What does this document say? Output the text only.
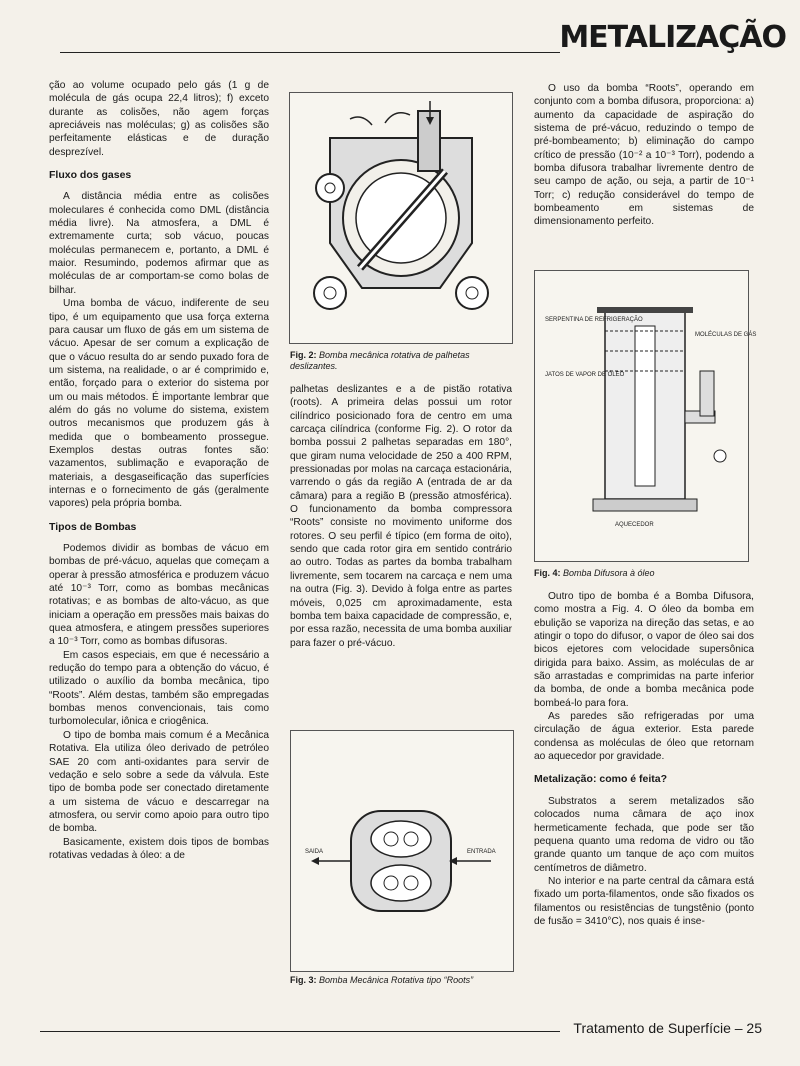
METALIZAÇÃO

ção ao volume ocupado pelo gás (1 g de molécula de gás ocupa 22,4 litros); f) exceto durante as colisões, não agem forças apreciáveis nas moléculas; g) as colisões são perfeitamente elásticas e de duração desprezível.

Fluxo dos gases

A distância média entre as colisões moleculares é conhecida como DML (distância média livre). Na atmosfera, a DML é extremamente curta; sob vácuo, poucas moléculas permanecem e, portanto, a DML é maior. Resumindo, podemos afirmar que as moléculas de ar comportam-se como bolas de bilhar.

Uma bomba de vácuo, indiferente de seu tipo, é um equipamento que usa força externa para causar um fluxo de gás em um sistema de vácuo. Apesar de ser comum a explicação de que o vácuo resulta do ar sendo puxado fora de um sistema, na realidade, o ar é comprimido e, então, forçado para o exterior do sistema por um ou mais métodos. É importante lembrar que além do gás no volume do sistema, existem outros mecanismos que produzem gás à medida que o bombeamento prossegue. Exemplos destas outras fontes são: vazamentos, sublimação e evaporação de materiais, a desgaseificação das superfícies internas e o fornecimento de gás (geralmente vapores) pela própria bomba.

Tipos de Bombas

Podemos dividir as bombas de vácuo em bombas de pré-vácuo, aquelas que começam a operar à pressão atmosférica e produzem vácuo até 10⁻³ Torr, como as bombas mecânicas rotativas; e as bombas de alto-vácuo, as que iniciam a operação em pressões mais baixas do quea atmosfera, e atingem pressões superiores a 10⁻³ Torr, como as bombas difusoras.

Em casos especiais, em que é necessário a redução do tempo para a obtenção do vácuo, é utilizado o auxílio da bomba mecânica, tipo “Roots”. Além destas, também são empregadas bombas menos convencionais, tais como turbomolecular, iônica e criogênica.

O tipo de bomba mais comum é a Mecânica Rotativa. Ela utiliza óleo derivado de petróleo SAE 20 com anti-oxidantes para servir de vedação e selo sobre a sede da válvula. Este tipo de bomba pode ser conectado diretamente a um sistema de vácuo e descarregar na atmosfera, ou servir como apoio para outro tipo de bomba.

Basicamente, existem dois tipos de bombas rotativas vedadas à óleo: a de

Fig. 2: Bomba mecânica rotativa de palhetas deslizantes.

palhetas deslizantes e a de pistão rotativa (roots). A primeira delas possui um rotor cilíndrico posicionado fora de centro em uma carcaça cilíndrica (conforme Fig. 2). O rotor da bomba possui 2 palhetas separadas em 180°, que giram numa velocidade de 250 a 400 RPM, pressionadas por molas na carcaça estacionária, varrendo o gás da região A (entrada de ar da câmara) para a região B (pressão atmosférica). O funcionamento da bomba compressora “Roots” consiste no movimento uniforme dos rotores. O seu perfil é típico (em forma de oito), sendo que cada rotor gira em sentido contrário ao outro. Todas as partes da bomba trabalham livremente, sem tocarem na carcaça e nem uma na outra (Fig. 3). Devido à folga entre as partes móveis, 0,025 cm aproximadamente, esta bomba tem baixa capacidade de compressão, e, por essa razão, necessita de uma bomba auxiliar para fazer o pré-vácuo.

SAIDA	ENTRADA
Fig. 3: Bomba Mecânica Rotativa tipo “Roots”

O uso da bomba “Roots”, operando em conjunto com a bomba difusora, proporciona: a) aumento da capacidade de aspiração do sistema de pré-vácuo, reduzindo o tempo de pré-bombeamento; b) eliminação do campo crítico de pressão (10⁻² a 10⁻³ Torr), podendo a bomba difusora trabalhar livremente dentro de seu campo de ação, ou seja, a partir de 10⁻¹ Torr; c) redução considerável do tempo de bombeamento em sistemas de dimensionamento perfeito.

SERPENTINA DE REFRIGERAÇÃO
MOLÉCULAS DE GÁS
JATOS DE VAPOR DE ÓLEO
AQUECEDOR
Fig. 4: Bomba Difusora à óleo

Outro tipo de bomba é a Bomba Difusora, como mostra a Fig. 4. O óleo da bomba em ebulição se vaporiza na direção das setas, e ao atingir o topo do difusor, o vapor de óleo sai dos bicos ejetores com velocidade supersônica dirigida para baixo. Assim, as moléculas de ar são arrastadas e comprimidas na parte inferior da bomba, de onde a bomba mecânica pode bombeá-lo para fora.

As paredes são refrigeradas por uma circulação de água exterior. Esta parede condensa as moléculas de óleo que retornam ao aquecedor por gravidade.

Metalização: como é feita?

Substratos a serem metalizados são colocados numa câmara de aço inox hermeticamente fechada, que pode ser tão pequena quanto uma redoma de vidro ou tão grande quanto um tanque de aço com muitos centímetros de diâmetro.

No interior e na parte central da câmara está fixado um porta-filamentos, onde são fixados os filamentos ou resistências de tungstênio (ponto de fusão = 3410°C), nos quais é inse-

Tratamento de Superfície – 25
